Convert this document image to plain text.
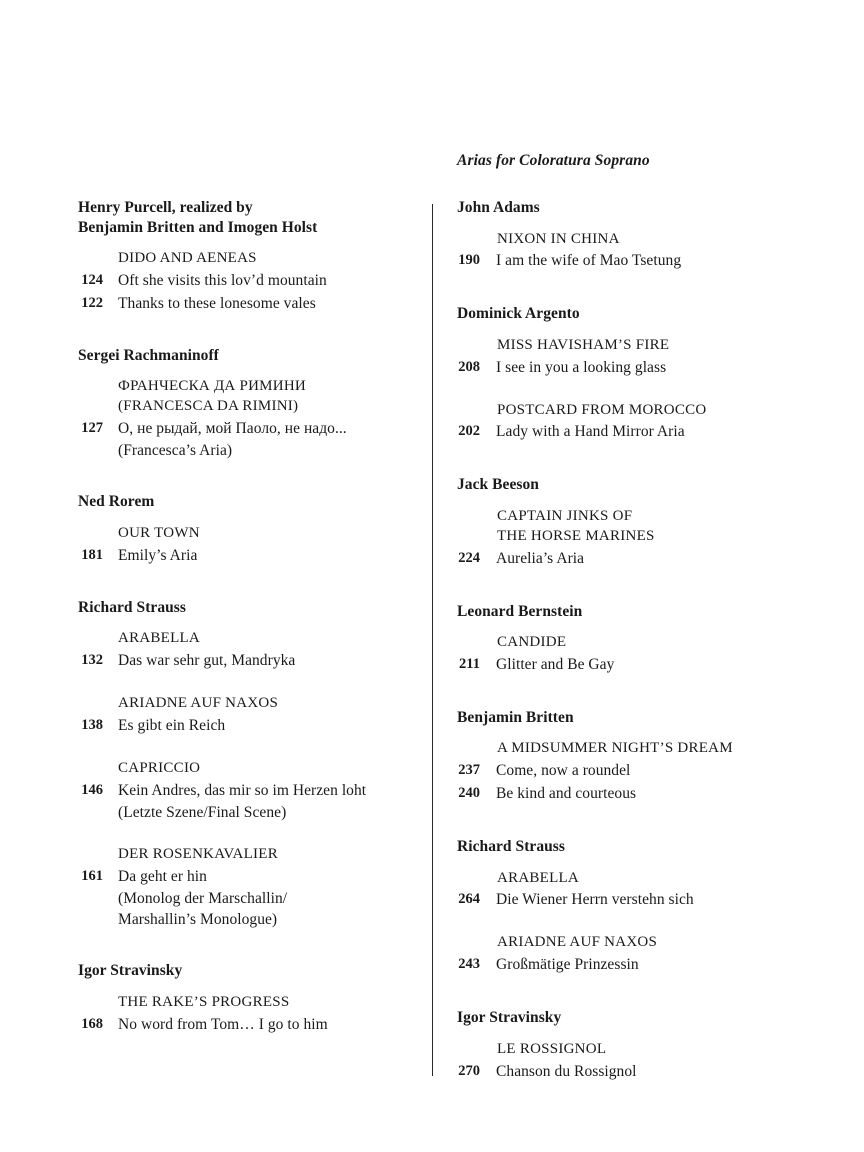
Arias for Coloratura Soprano
Henry Purcell, realized by
Benjamin Britten and Imogen Holst
DIDO AND AENEAS
124 Oft she visits this lov’d mountain
122 Thanks to these lonesome vales
Sergei Rachmaninoff
ФРАНЧЕСКА ДА РИМИНИ
(FRANCESCA DA RIMINI)
127 О, не рыдай, мой Паоло, не надо...
(Francesca’s Aria)
Ned Rorem
OUR TOWN
181 Emily’s Aria
Richard Strauss
ARABELLA
132 Das war sehr gut, Mandryka
ARIADNE AUF NAXOS
138 Es gibt ein Reich
CAPRICCIO
146 Kein Andres, das mir so im Herzen loht
(Letzte Szene/Final Scene)
DER ROSENKAVALIER
161 Da geht er hin
(Monolog der Marschallin/
Marshallin’s Monologue)
Igor Stravinsky
THE RAKE’S PROGRESS
168 No word from Tom… I go to him
John Adams
NIXON IN CHINA
190	I am the wife of Mao Tsetung
Dominick Argento
MISS HAVISHAM’S FIRE
208	I see in you a looking glass
POSTCARD FROM MOROCCO
202	Lady with a Hand Mirror Aria
Jack Beeson
CAPTAIN JINKS OF
THE HORSE MARINES
224	Aurelia’s Aria
Leonard Bernstein
CANDIDE
211	Glitter and Be Gay
Benjamin Britten
A MIDSUMMER NIGHT’S DREAM
237	Come, now a roundel
240	Be kind and courteous
Richard Strauss
ARABELLA
264	Die Wiener Herrn verstehn sich
ARIADNE AUF NAXOS
243	Großmätige Prinzessin
Igor Stravinsky
LE ROSSIGNOL
270	Chanson du Rossignol
